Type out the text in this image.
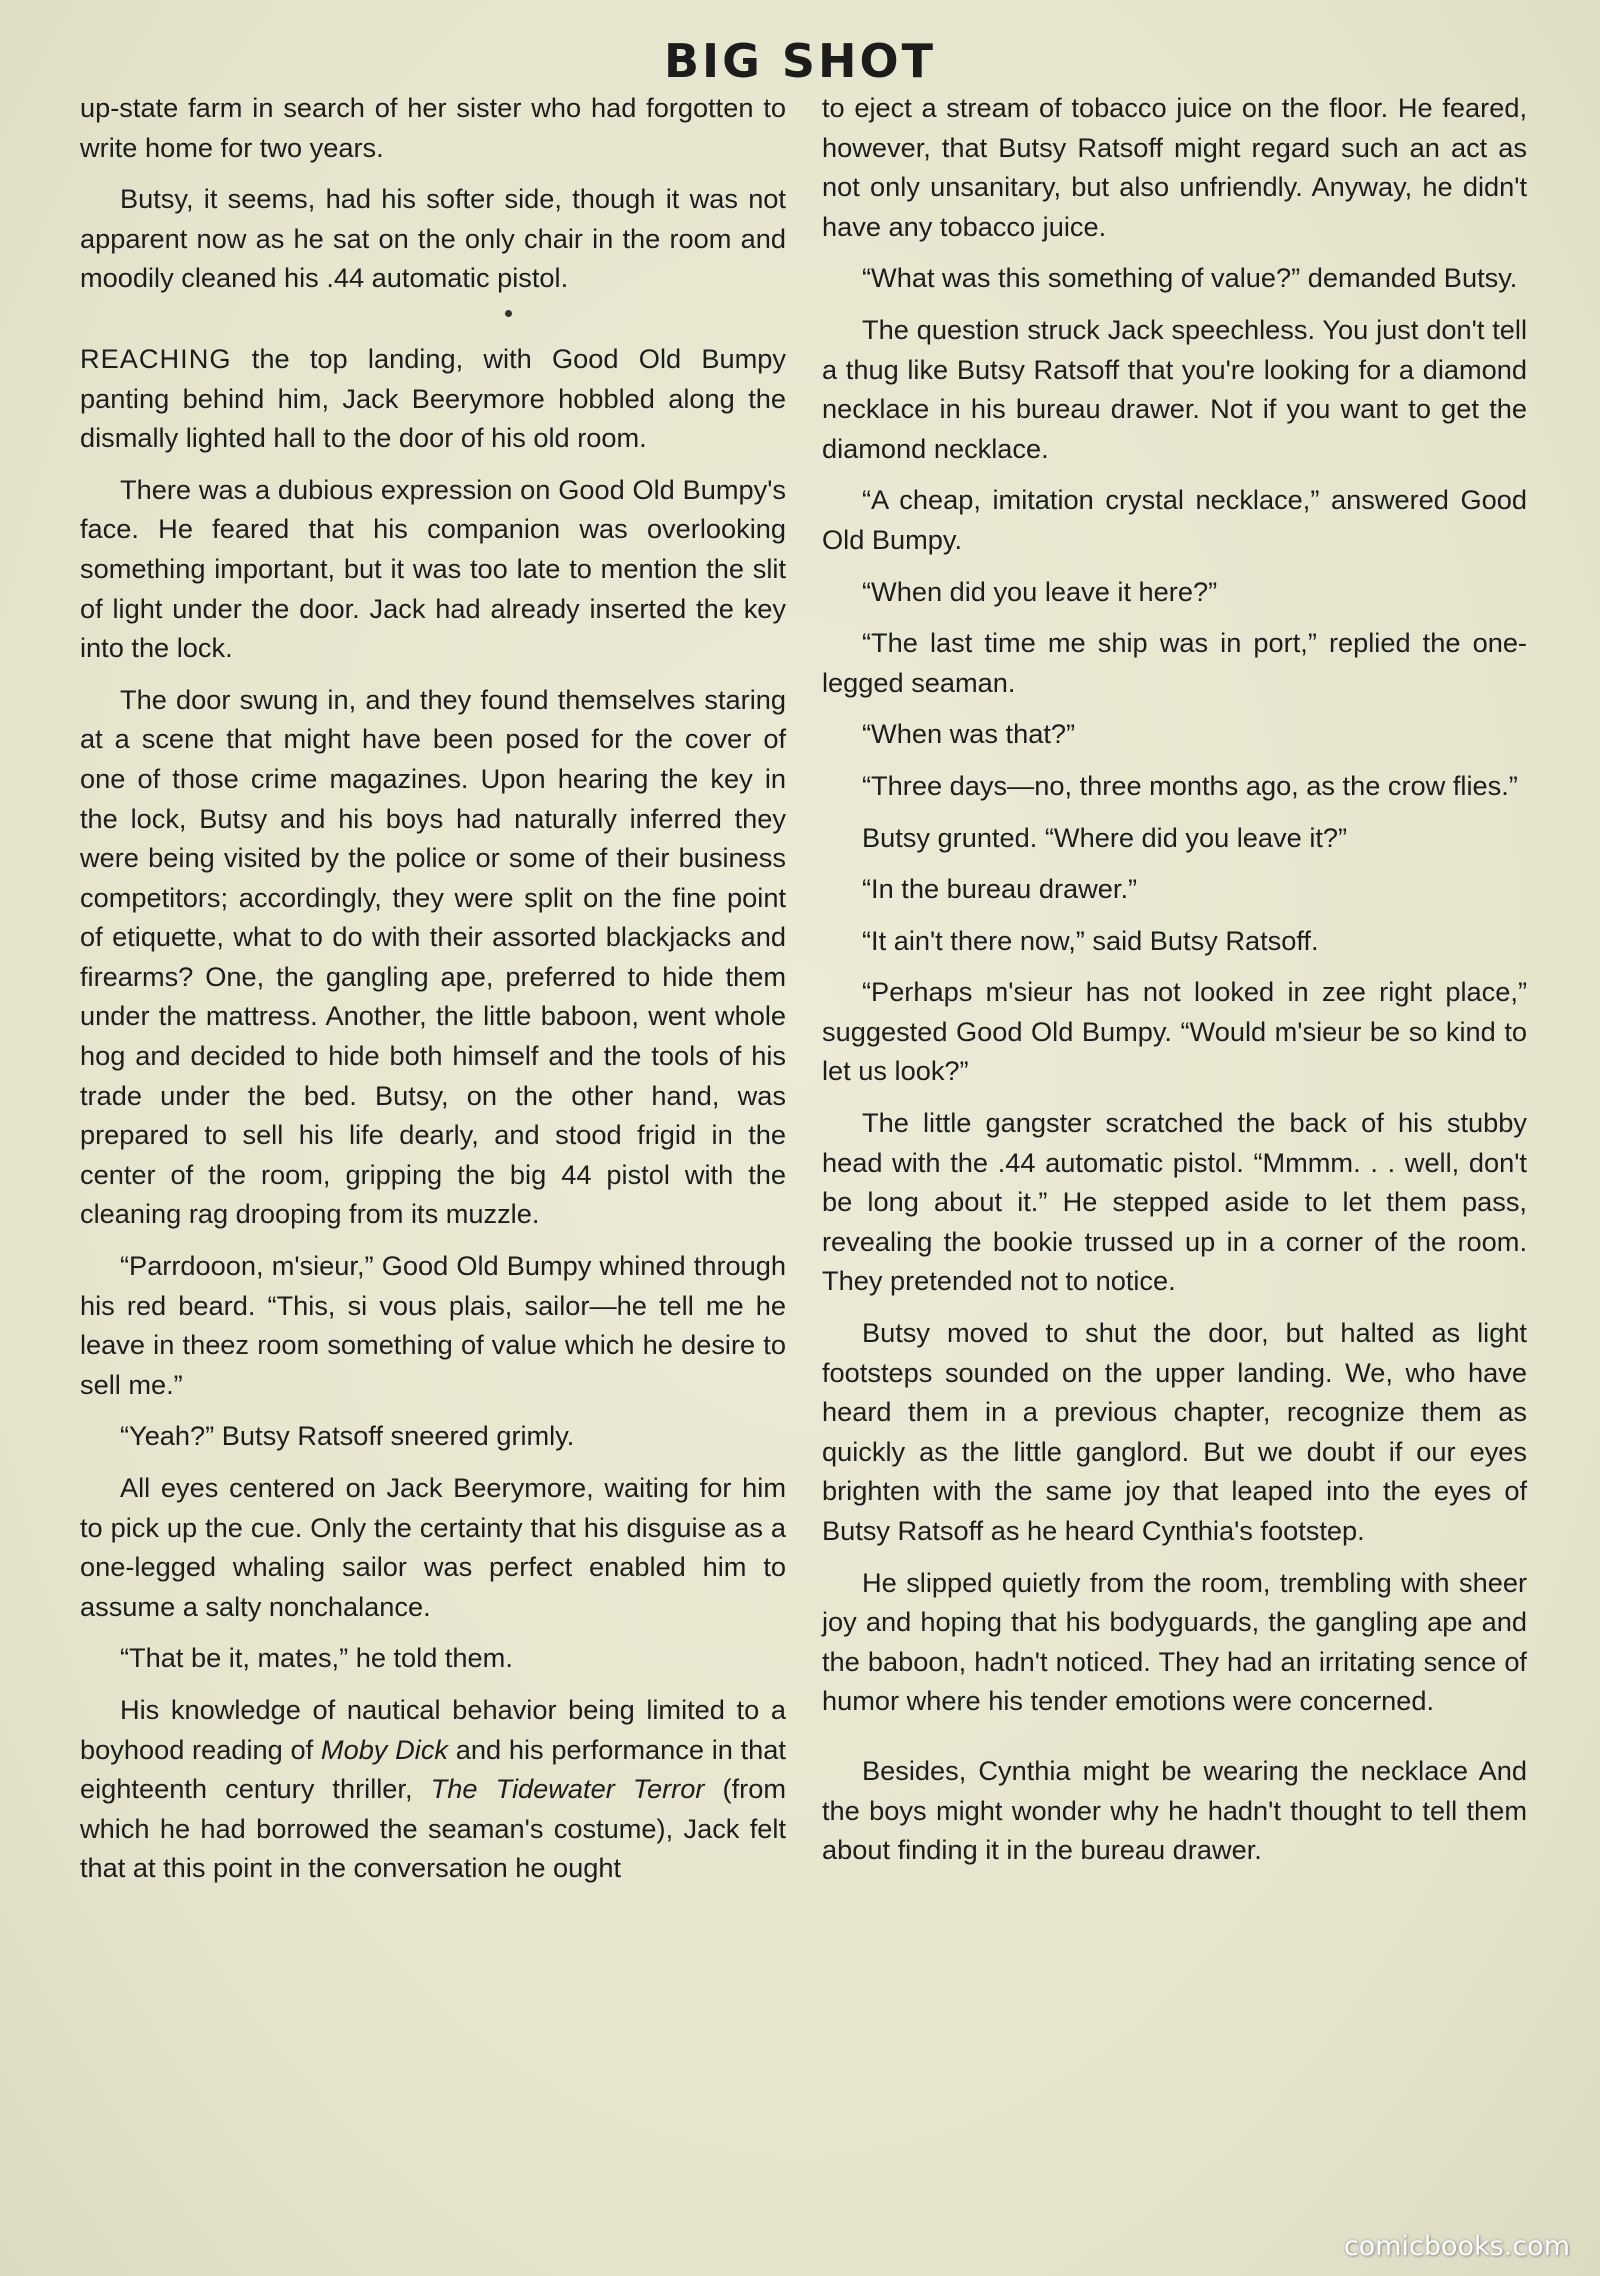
BIG SHOT

up-state farm in search of her sister who had forgotten to write home for two years.

Butsy, it seems, had his softer side, though it was not apparent now as he sat on the only chair in the room and moodily cleaned his .44 automatic pistol.

REACHING the top landing, with Good Old Bumpy panting behind him, Jack Beerymore hobbled along the dismally lighted hall to the door of his old room.

There was a dubious expression on Good Old Bumpy's face. He feared that his companion was overlooking something important, but it was too late to mention the slit of light under the door. Jack had already inserted the key into the lock.

The door swung in, and they found themselves staring at a scene that might have been posed for the cover of one of those crime magazines. Upon hearing the key in the lock, Butsy and his boys had naturally inferred they were being visited by the police or some of their business competitors; accordingly, they were split on the fine point of etiquette, what to do with their assorted blackjacks and firearms? One, the gangling ape, preferred to hide them under the mattress. Another, the little baboon, went whole hog and decided to hide both himself and the tools of his trade under the bed. Butsy, on the other hand, was prepared to sell his life dearly, and stood frigid in the center of the room, gripping the big 44 pistol with the cleaning rag drooping from its muzzle.

“Parrdooon, m'sieur,” Good Old Bumpy whined through his red beard. “This, si vous plais, sailor—he tell me he leave in theez room something of value which he desire to sell me.”

“Yeah?” Butsy Ratsoff sneered grimly.

All eyes centered on Jack Beerymore, waiting for him to pick up the cue. Only the certainty that his disguise as a one-legged whaling sailor was perfect enabled him to assume a salty nonchalance.

“That be it, mates,” he told them.

His knowledge of nautical behavior being limited to a boyhood reading of Moby Dick and his performance in that eighteenth century thriller, The Tidewater Terror (from which he had borrowed the seaman's costume), Jack felt that at this point in the conversation he ought

to eject a stream of tobacco juice on the floor. He feared, however, that Butsy Ratsoff might regard such an act as not only unsanitary, but also unfriendly. Anyway, he didn't have any tobacco juice.

“What was this something of value?” demanded Butsy.

The question struck Jack speechless. You just don't tell a thug like Butsy Ratsoff that you're looking for a diamond necklace in his bureau drawer. Not if you want to get the diamond necklace.

“A cheap, imitation crystal necklace,” answered Good Old Bumpy.

“When did you leave it here?”

“The last time me ship was in port,” replied the one-legged seaman.

“When was that?”

“Three days—no, three months ago, as the crow flies.”

Butsy grunted. “Where did you leave it?”

“In the bureau drawer.”

“It ain't there now,” said Butsy Ratsoff.

“Perhaps m'sieur has not looked in zee right place,” suggested Good Old Bumpy. “Would m'sieur be so kind to let us look?”

The little gangster scratched the back of his stubby head with the .44 automatic pistol. “Mmmm. . . well, don't be long about it.” He stepped aside to let them pass, revealing the bookie trussed up in a corner of the room. They pretended not to notice.

Butsy moved to shut the door, but halted as light footsteps sounded on the upper landing. We, who have heard them in a previous chapter, recognize them as quickly as the little ganglord. But we doubt if our eyes brighten with the same joy that leaped into the eyes of Butsy Ratsoff as he heard Cynthia's footstep.

He slipped quietly from the room, trembling with sheer joy and hoping that his bodyguards, the gangling ape and the baboon, hadn't noticed. They had an irritating sence of humor where his tender emotions were concerned.

Besides, Cynthia might be wearing the necklace And the boys might wonder why he hadn't thought to tell them about finding it in the bureau drawer.

comicbooks.com
